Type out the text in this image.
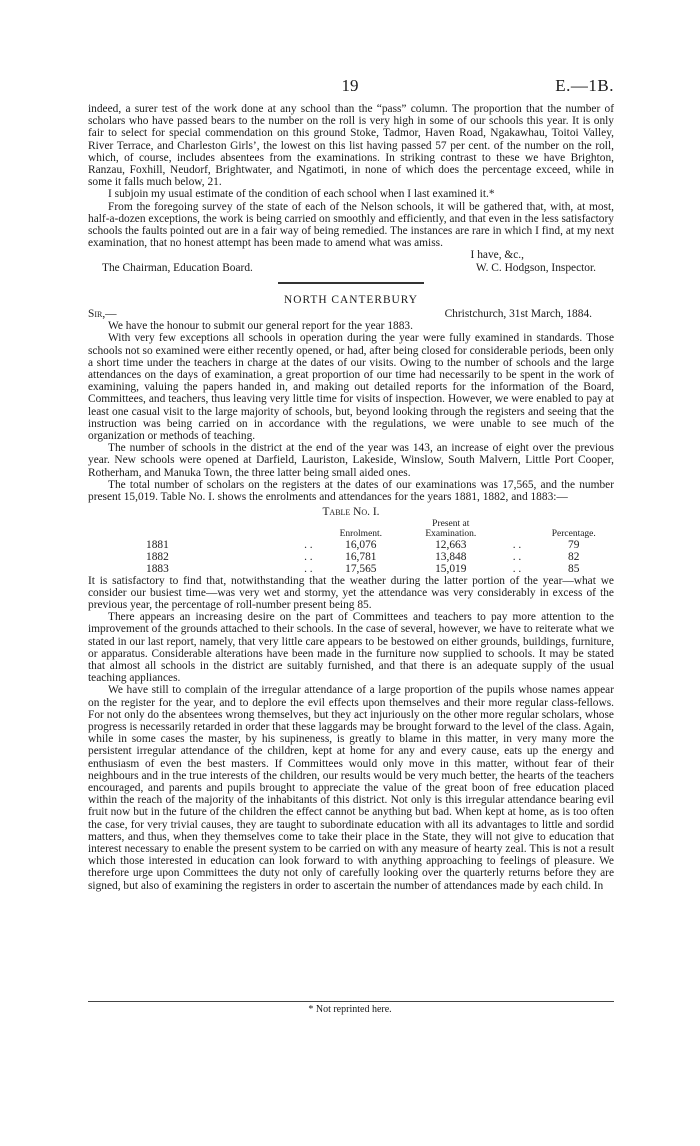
19	E.—1B.

indeed, a surer test of the work done at any school than the “pass” column. The proportion that the number of scholars who have passed bears to the number on the roll is very high in some of our schools this year. It is only fair to select for special commendation on this ground Stoke, Tadmor, Haven Road, Ngakawhau, Toitoi Valley, River Terrace, and Charleston Girls’, the lowest on this list having passed 57 per cent. of the number on the roll, which, of course, includes absentees from the examinations. In striking contrast to these we have Brighton, Ranzau, Foxhill, Neudorf, Brightwater, and Ngatimoti, in none of which does the percentage exceed, while in some it falls much below, 21.

I subjoin my usual estimate of the condition of each school when I last examined it.*

From the foregoing survey of the state of each of the Nelson schools, it will be gathered that, with, at most, half-a-dozen exceptions, the work is being carried on smoothly and efficiently, and that even in the less satisfactory schools the faults pointed out are in a fair way of being remedied. The instances are rare in which I find, at my next examination, that no honest attempt has been made to amend what was amiss.

I have, &c.,
The Chairman, Education Board.	W. C. Hodgson, Inspector.
NORTH CANTERBURY
Sir,—	Christchurch, 31st March, 1884.

We have the honour to submit our general report for the year 1883.

With very few exceptions all schools in operation during the year were fully examined in standards. Those schools not so examined were either recently opened, or had, after being closed for considerable periods, been only a short time under the teachers in charge at the dates of our visits. Owing to the number of schools and the large attendances on the days of examination, a great proportion of our time had necessarily to be spent in the work of examining, valuing the papers handed in, and making out detailed reports for the information of the Board, Committees, and teachers, thus leaving very little time for visits of inspection. However, we were enabled to pay at least one casual visit to the large majority of schools, but, beyond looking through the registers and seeing that the instruction was being carried on in accordance with the regulations, we were unable to see much of the organization or methods of teaching.

The number of schools in the district at the end of the year was 143, an increase of eight over the previous year. New schools were opened at Darfield, Lauriston, Lakeside, Winslow, South Malvern, Little Port Cooper, Rotherham, and Manuka Town, the three latter being small aided ones.

The total number of scholars on the registers at the dates of our examinations was 17,565, and the number present 15,019. Table No. I. shows the enrolments and attendances for the years 1881, 1882, and 1883:—

Table No. I.
		Enrolment.	Present at Examination.		Percentage.
1881	. .	16,076	12,663	. .	79
1882	. .	16,781	13,848	. .	82
1883	. .	17,565	15,019	. .	85

It is satisfactory to find that, notwithstanding that the weather during the latter portion of the year—what we consider our busiest time—was very wet and stormy, yet the attendance was very considerably in excess of the previous year, the percentage of roll-number present being 85.

There appears an increasing desire on the part of Committees and teachers to pay more attention to the improvement of the grounds attached to their schools. In the case of several, however, we have to reiterate what we stated in our last report, namely, that very little care appears to be bestowed on either grounds, buildings, furniture, or apparatus. Considerable alterations have been made in the furniture now supplied to schools. It may be stated that almost all schools in the district are suitably furnished, and that there is an adequate supply of the usual teaching appliances.

We have still to complain of the irregular attendance of a large proportion of the pupils whose names appear on the register for the year, and to deplore the evil effects upon themselves and their more regular class-fellows. For not only do the absentees wrong themselves, but they act injuriously on the other more regular scholars, whose progress is necessarily retarded in order that these laggards may be brought forward to the level of the class. Again, while in some cases the master, by his supineness, is greatly to blame in this matter, in very many more the persistent irregular attendance of the children, kept at home for any and every cause, eats up the energy and enthusiasm of even the best masters. If Committees would only move in this matter, without fear of their neighbours and in the true interests of the children, our results would be very much better, the hearts of the teachers encouraged, and parents and pupils brought to appreciate the value of the great boon of free education placed within the reach of the majority of the inhabitants of this district. Not only is this irregular attendance bearing evil fruit now but in the future of the children the effect cannot be anything but bad. When kept at home, as is too often the case, for very trivial causes, they are taught to subordinate education with all its advantages to little and sordid matters, and thus, when they themselves come to take their place in the State, they will not give to education that interest necessary to enable the present system to be carried on with any measure of hearty zeal. This is not a result which those interested in education can look forward to with anything approaching to feelings of pleasure. We therefore urge upon Committees the duty not only of carefully looking over the quarterly returns before they are signed, but also of examining the registers in order to ascertain the number of attendances made by each child. In

* Not reprinted here.
